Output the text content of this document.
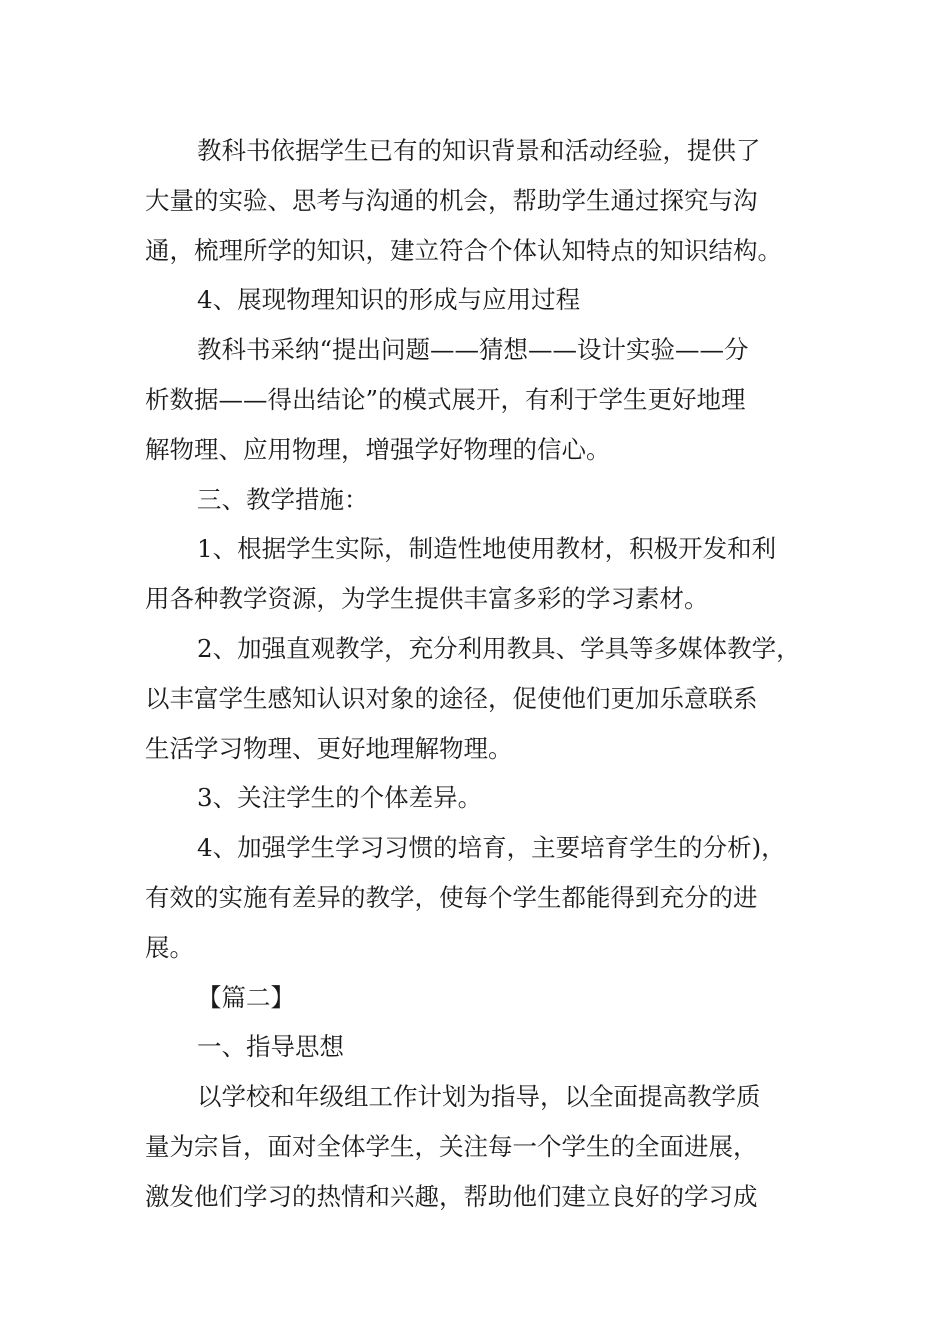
教科书依据学生已有的知识背景和活动经验，提供了
大量的实验、思考与沟通的机会，帮助学生通过探究与沟
通，梳理所学的知识，建立符合个体认知特点的知识结构。
4、展现物理知识的形成与应用过程
教科书采纳“提出问题——猜想——设计实验——分
析数据——得出结论”的模式展开，有利于学生更好地理
解物理、应用物理，增强学好物理的信心。
三、教学措施：
1、根据学生实际，制造性地使用教材，积极开发和利
用各种教学资源，为学生提供丰富多彩的学习素材。
2、加强直观教学，充分利用教具、学具等多媒体教学，
以丰富学生感知认识对象的途径，促使他们更加乐意联系
生活学习物理、更好地理解物理。
3、关注学生的个体差异。
4、加强学生学习习惯的培育，主要培育学生的分析)，
有效的实施有差异的教学，使每个学生都能得到充分的进
展。
【篇二】
一、指导思想
以学校和年级组工作计划为指导，以全面提高教学质
量为宗旨，面对全体学生，关注每一个学生的全面进展，
激发他们学习的热情和兴趣，帮助他们建立良好的学习成
